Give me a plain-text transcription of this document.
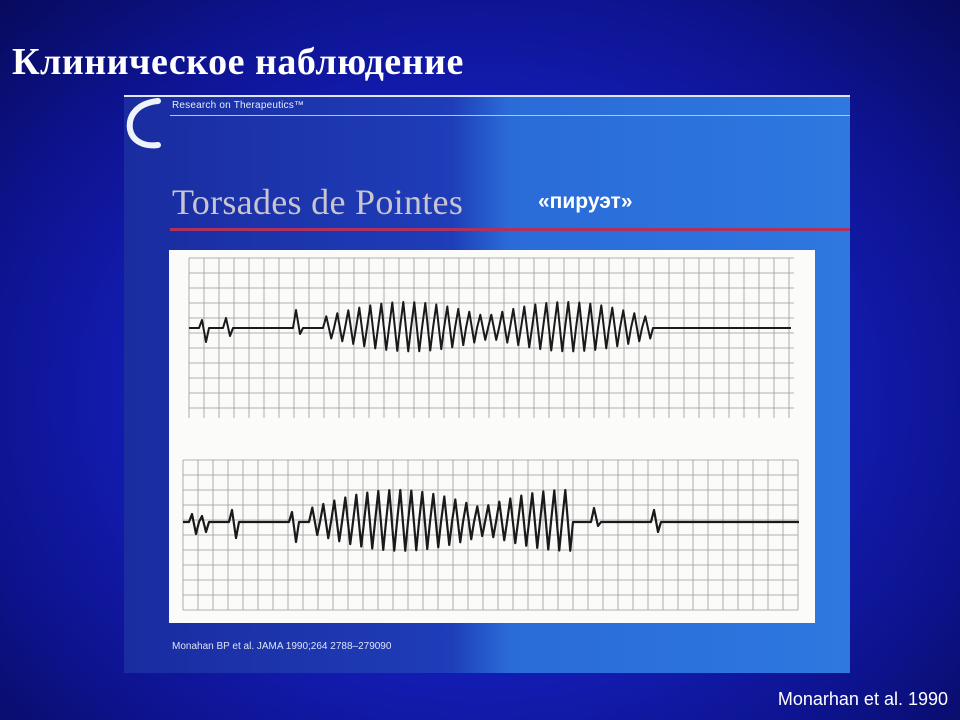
Клиническое наблюдение
Research on Therapeutics™
Torsades de Pointes	«пируэт»
Monahan BP et al. JAMA 1990;264 2788–279090
Monarhan et al. 1990
